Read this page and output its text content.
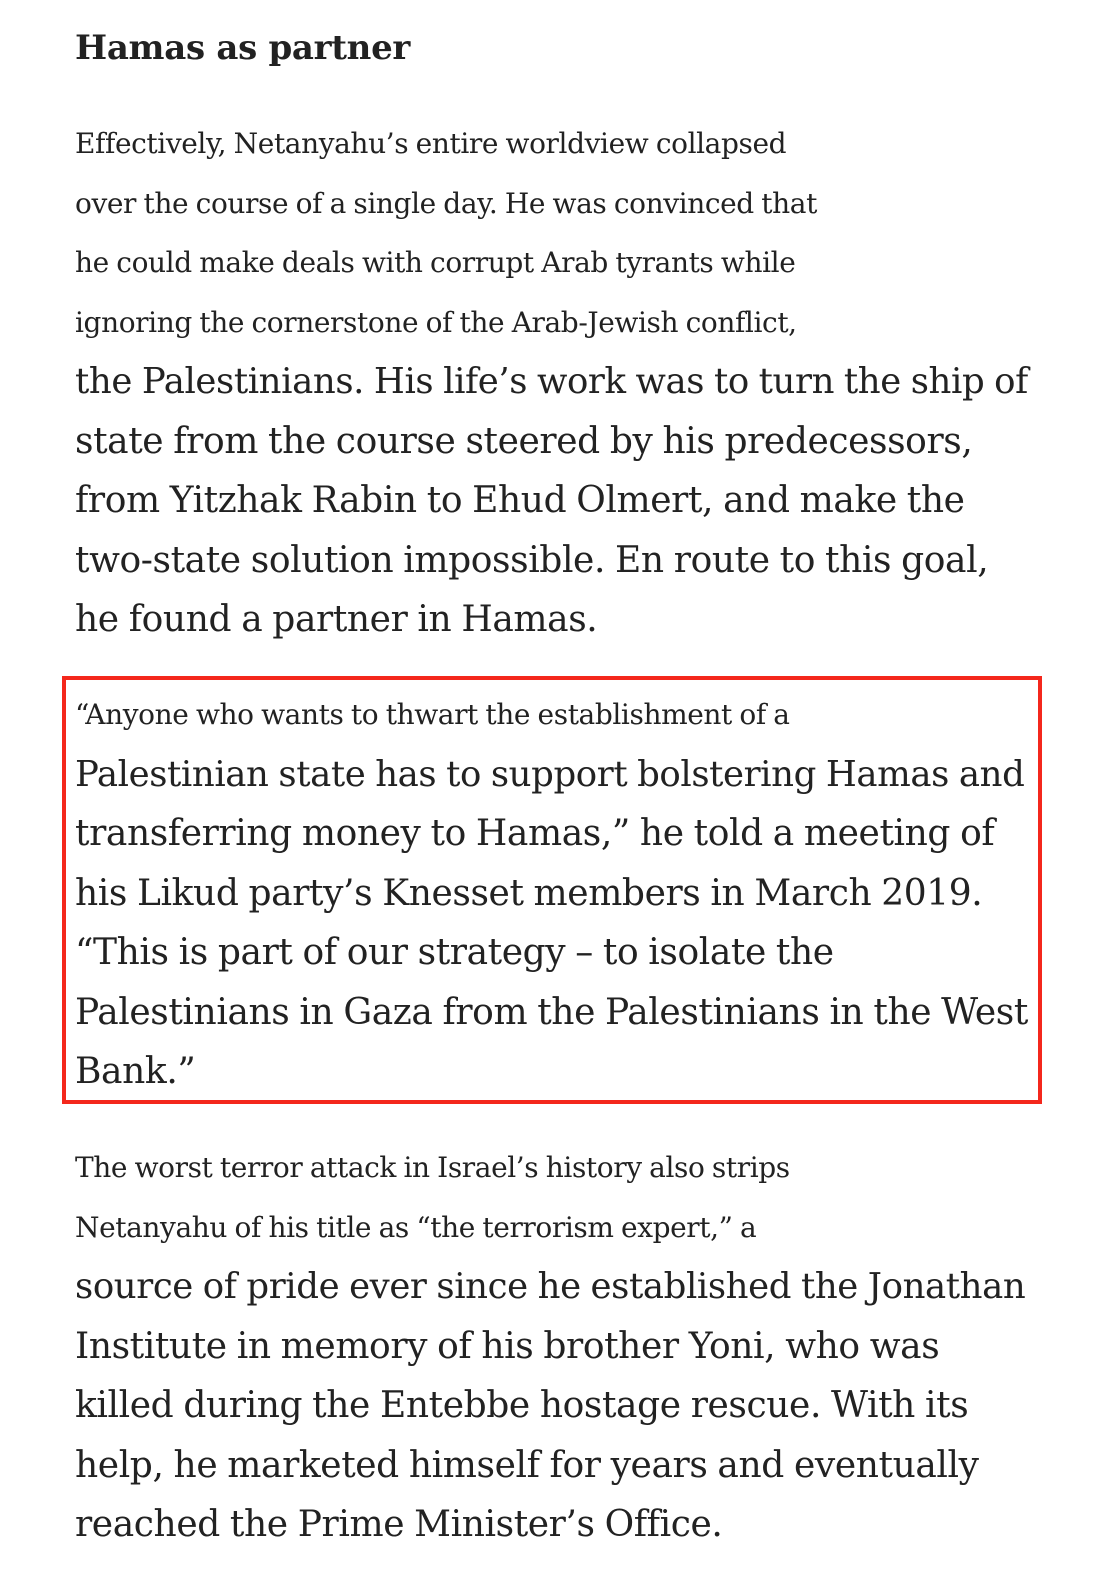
Hamas as partner

Effectively, Netanyahu’s entire worldview collapsed
over the course of a single day. He was convinced that
he could make deals with corrupt Arab tyrants while
ignoring the cornerstone of the Arab-Jewish conflict,
the Palestinians. His life’s work was to turn the ship of
state from the course steered by his predecessors,
from Yitzhak Rabin to Ehud Olmert, and make the
two-state solution impossible. En route to this goal,
he found a partner in Hamas.

“Anyone who wants to thwart the establishment of a
Palestinian state has to support bolstering Hamas and
transferring money to Hamas,” he told a meeting of
his Likud party’s Knesset members in March 2019.
“This is part of our strategy – to isolate the
Palestinians in Gaza from the Palestinians in the West
Bank.”

The worst terror attack in Israel’s history also strips
Netanyahu of his title as “the terrorism expert,” a
source of pride ever since he established the Jonathan
Institute in memory of his brother Yoni, who was
killed during the Entebbe hostage rescue. With its
help, he marketed himself for years and eventually
reached the Prime Minister’s Office.
